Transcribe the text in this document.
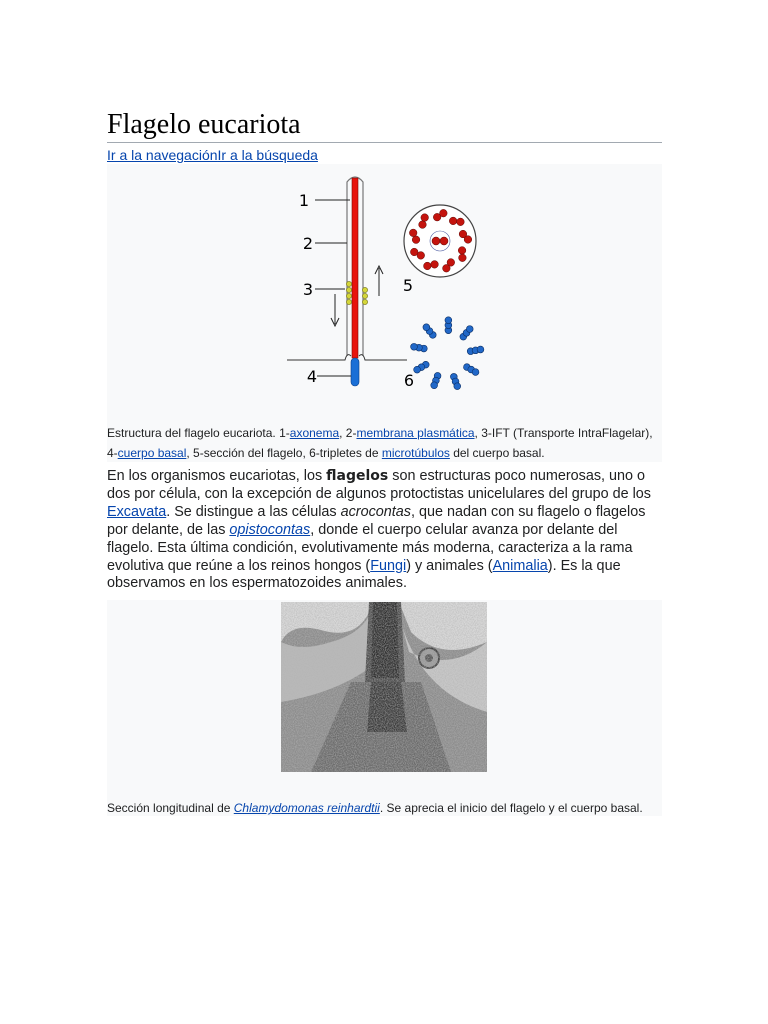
Flagelo eucariota
Ir a la navegaciónIr a la búsqueda
1
2
3
4
5
6
Estructura del flagelo eucariota. 1-axonema, 2-membrana plasmática, 3-IFT (Transporte IntraFlagelar), 4-cuerpo basal, 5-sección del flagelo, 6-tripletes de microtúbulos del cuerpo basal.
En los organismos eucariotas, los flagelos son estructuras poco numerosas, uno o dos por célula, con la excepción de algunos protoctistas unicelulares del grupo de los Excavata. Se distingue a las células acrocontas, que nadan con su flagelo o flagelos por delante, de las opistocontas, donde el cuerpo celular avanza por delante del flagelo. Esta última condición, evolutivamente más moderna, caracteriza a la rama evolutiva que reúne a los reinos hongos (Fungi) y animales (Animalia). Es la que observamos en los espermatozoides animales.
Sección longitudinal de Chlamydomonas reinhardtii. Se aprecia el inicio del flagelo y el cuerpo basal.
